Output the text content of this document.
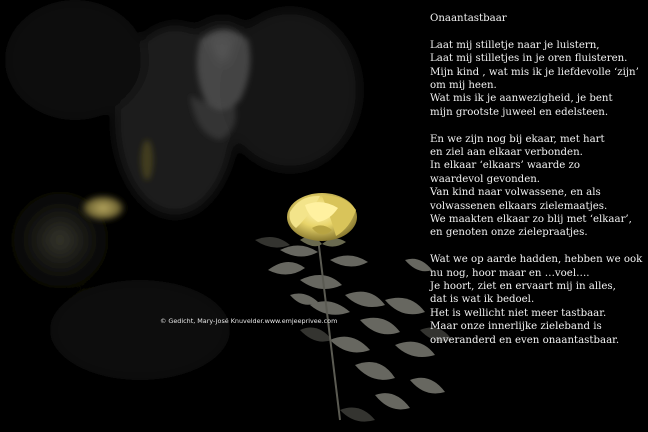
Onaantastbaar
Laat mij stilletje naar je luistern,
Laat mij stilletjes in je oren fluisteren.
Mijn kind , wat mis ik je liefdevolle ‘zijn’
om mij heen.
Wat mis ik je aanwezigheid, je bent
mijn grootste juweel en edelsteen.
En we zijn nog bij ekaar, met hart
en ziel aan elkaar verbonden.
In elkaar ‘elkaars’ waarde zo
waardevol gevonden.
Van kind naar volwassene, en als
volwassenen elkaars zielemaatjes.
We maakten elkaar zo blij met ‘elkaar’,
en genoten onze zielepraatjes.
Wat we op aarde hadden, hebben we ook
nu nog, hoor maar en …voel….
Je hoort, ziet en ervaart mij in alles,
dat is wat ik bedoel.
Het is wellicht niet meer tastbaar.
Maar onze innerlijke zieleband is
onveranderd en even onaantastbaar.
© Gedicht, Mary-José Knuvelder.www.emjeeprivee.com
